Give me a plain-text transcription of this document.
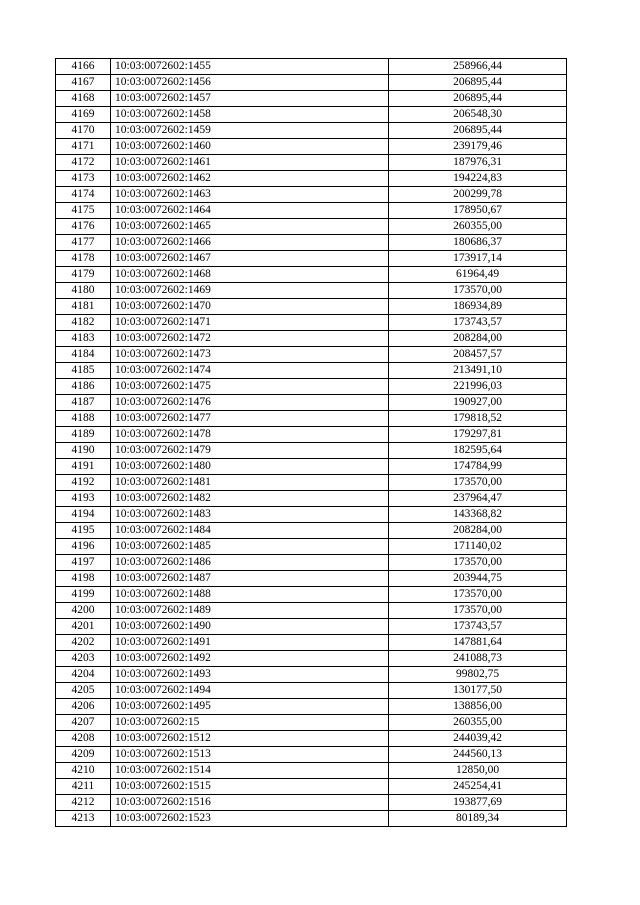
4166	10:03:0072602:1455	258966,44
4167	10:03:0072602:1456	206895,44
4168	10:03:0072602:1457	206895,44
4169	10:03:0072602:1458	206548,30
4170	10:03:0072602:1459	206895,44
4171	10:03:0072602:1460	239179,46
4172	10:03:0072602:1461	187976,31
4173	10:03:0072602:1462	194224,83
4174	10:03:0072602:1463	200299,78
4175	10:03:0072602:1464	178950,67
4176	10:03:0072602:1465	260355,00
4177	10:03:0072602:1466	180686,37
4178	10:03:0072602:1467	173917,14
4179	10:03:0072602:1468	61964,49
4180	10:03:0072602:1469	173570,00
4181	10:03:0072602:1470	186934,89
4182	10:03:0072602:1471	173743,57
4183	10:03:0072602:1472	208284,00
4184	10:03:0072602:1473	208457,57
4185	10:03:0072602:1474	213491,10
4186	10:03:0072602:1475	221996,03
4187	10:03:0072602:1476	190927,00
4188	10:03:0072602:1477	179818,52
4189	10:03:0072602:1478	179297,81
4190	10:03:0072602:1479	182595,64
4191	10:03:0072602:1480	174784,99
4192	10:03:0072602:1481	173570,00
4193	10:03:0072602:1482	237964,47
4194	10:03:0072602:1483	143368,82
4195	10:03:0072602:1484	208284,00
4196	10:03:0072602:1485	171140,02
4197	10:03:0072602:1486	173570,00
4198	10:03:0072602:1487	203944,75
4199	10:03:0072602:1488	173570,00
4200	10:03:0072602:1489	173570,00
4201	10:03:0072602:1490	173743,57
4202	10:03:0072602:1491	147881,64
4203	10:03:0072602:1492	241088,73
4204	10:03:0072602:1493	99802,75
4205	10:03:0072602:1494	130177,50
4206	10:03:0072602:1495	138856,00
4207	10:03:0072602:15	260355,00
4208	10:03:0072602:1512	244039,42
4209	10:03:0072602:1513	244560,13
4210	10:03:0072602:1514	12850,00
4211	10:03:0072602:1515	245254,41
4212	10:03:0072602:1516	193877,69
4213	10:03:0072602:1523	80189,34
